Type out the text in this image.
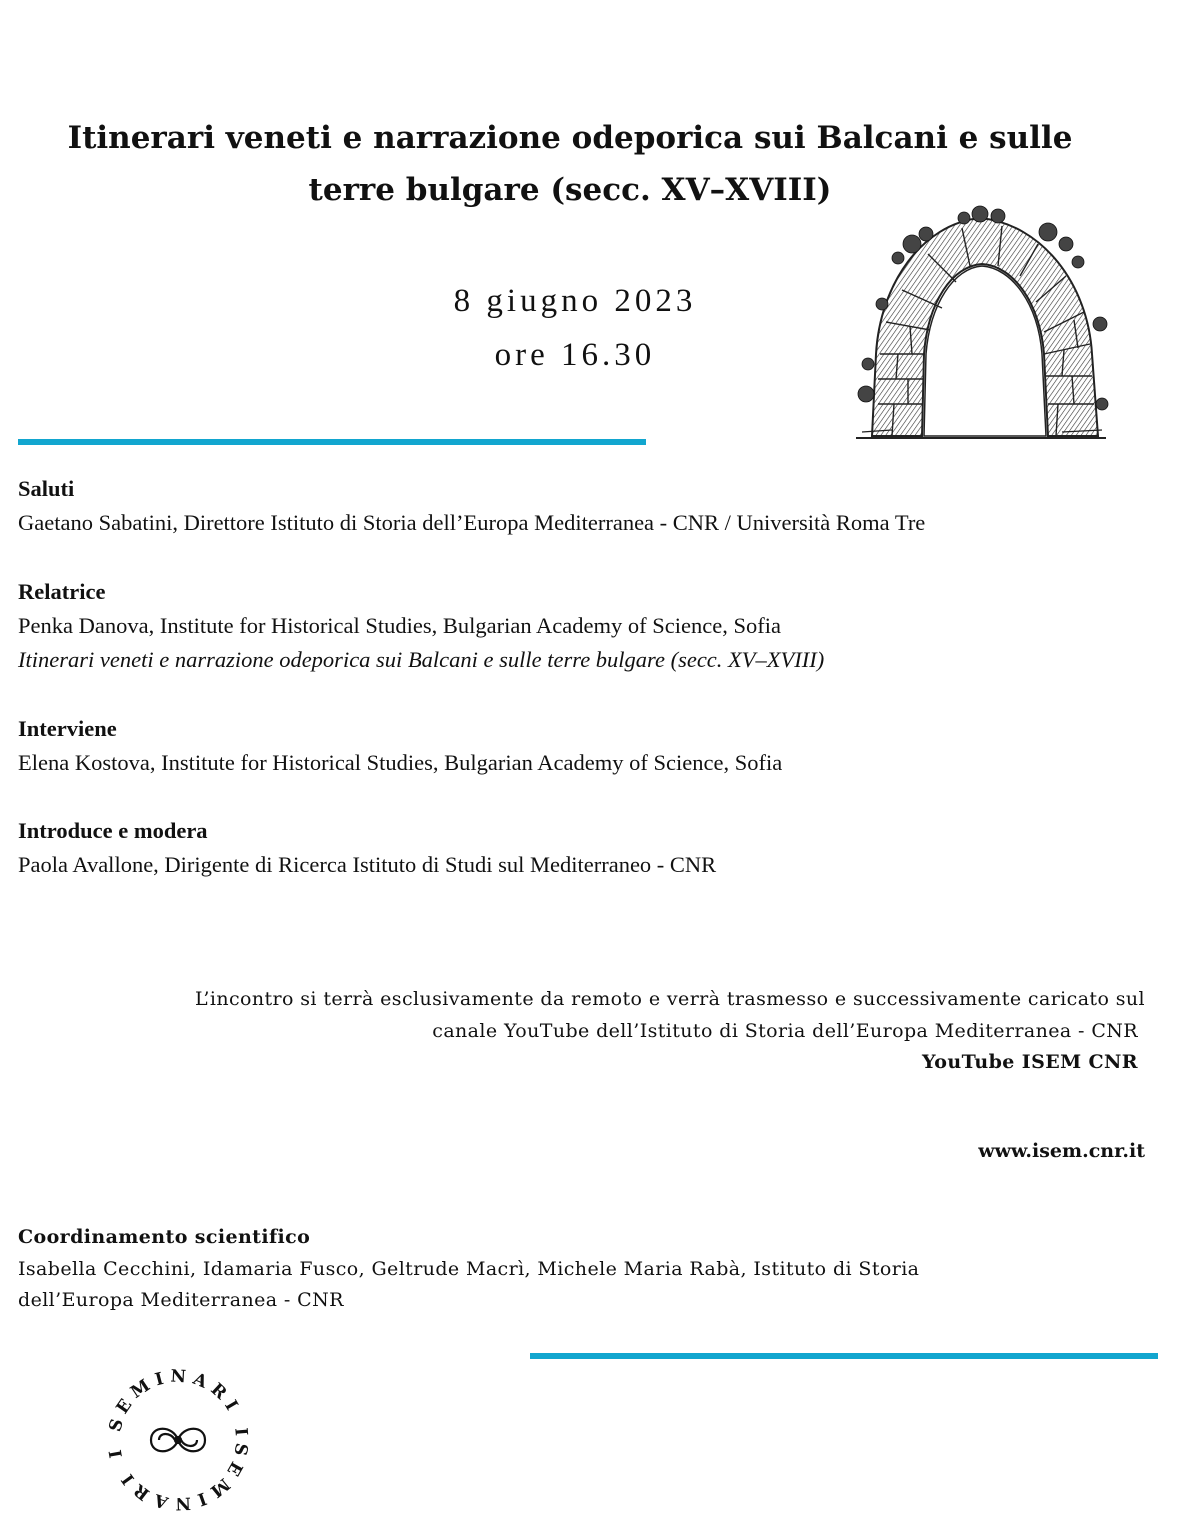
Itinerari veneti e narrazione odeporica sui Balcani e sulle
terre bulgare (secc. XV–XVIII)
8 giugno 2023
ore 16.30
Saluti
Gaetano Sabatini, Direttore Istituto di Storia dell’Europa Mediterranea - CNR / Università Roma Tre
Relatrice
Penka Danova, Institute for Historical Studies, Bulgarian Academy of Science, Sofia
Itinerari veneti e narrazione odeporica sui Balcani e sulle terre bulgare (secc. XV–XVIII)
Interviene
Elena Kostova, Institute for Historical Studies, Bulgarian Academy of Science, Sofia
Introduce e modera
Paola Avallone, Dirigente di Ricerca Istituto di Studi sul Mediterraneo - CNR
L’incontro si terrà esclusivamente da remoto e verrà trasmesso e successivamente caricato sul
canale YouTube dell’Istituto di Storia dell’Europa Mediterranea - CNR
YouTube ISEM CNR
www.isem.cnr.it
Coordinamento scientifico
Isabella Cecchini, Idamaria Fusco, Geltrude Macrì, Michele Maria Rabà, Istituto di Storia
dell’Europa Mediterranea - CNR
SEMINARI ISEMINARI I
